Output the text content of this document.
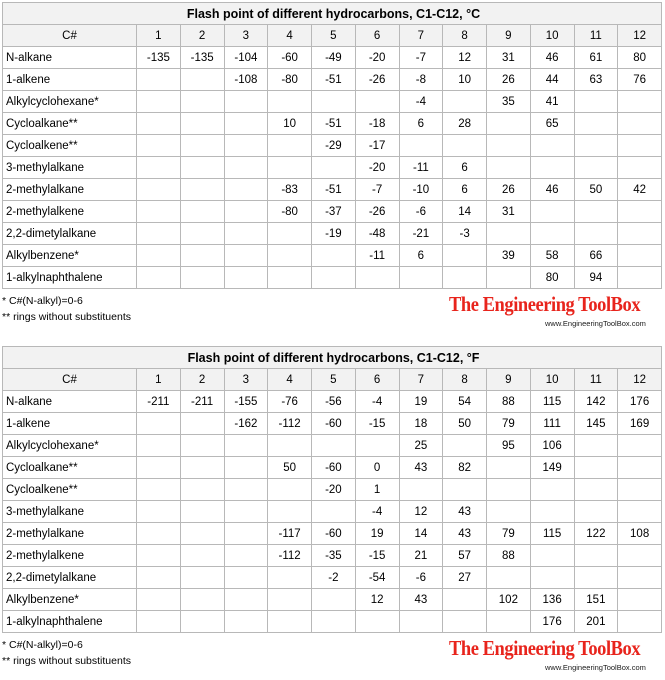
Flash point of different hydrocarbons, C1-C12, °C												
C#	1	2	3	4	5	6	7	8	9	10	11	12
N-alkane	-135	-135	-104	-60	-49	-20	-7	12	31	46	61	80
1-alkene			-108	-80	-51	-26	-8	10	26	44	63	76
Alkylcyclohexane*							-4		35	41		
Cycloalkane**				10	-51	-18	6	28		65		
Cycloalkene**					-29	-17						
3-methylalkane						-20	-11	6				
2-methylalkane				-83	-51	-7	-10	6	26	46	50	42
2-methylalkene				-80	-37	-26	-6	14	31			
2,2-dimetylalkane					-19	-48	-21	-3				
Alkylbenzene*						-11	6		39	58	66	
1-alkylnaphthalene										80	94	
* C#(N-alkyl)=0-6
** rings without substituents
The Engineering ToolBox
www.EngineeringToolBox.com
Flash point of different hydrocarbons, C1-C12, °F												
C#	1	2	3	4	5	6	7	8	9	10	11	12
N-alkane	-211	-211	-155	-76	-56	-4	19	54	88	115	142	176
1-alkene			-162	-112	-60	-15	18	50	79	111	145	169
Alkylcyclohexane*							25		95	106		
Cycloalkane**				50	-60	0	43	82		149		
Cycloalkene**					-20	1						
3-methylalkane						-4	12	43				
2-methylalkane				-117	-60	19	14	43	79	115	122	108
2-methylalkene				-112	-35	-15	21	57	88			
2,2-dimetylalkane					-2	-54	-6	27				
Alkylbenzene*						12	43		102	136	151	
1-alkylnaphthalene										176	201	
* C#(N-alkyl)=0-6
** rings without substituents
The Engineering ToolBox
www.EngineeringToolBox.com
